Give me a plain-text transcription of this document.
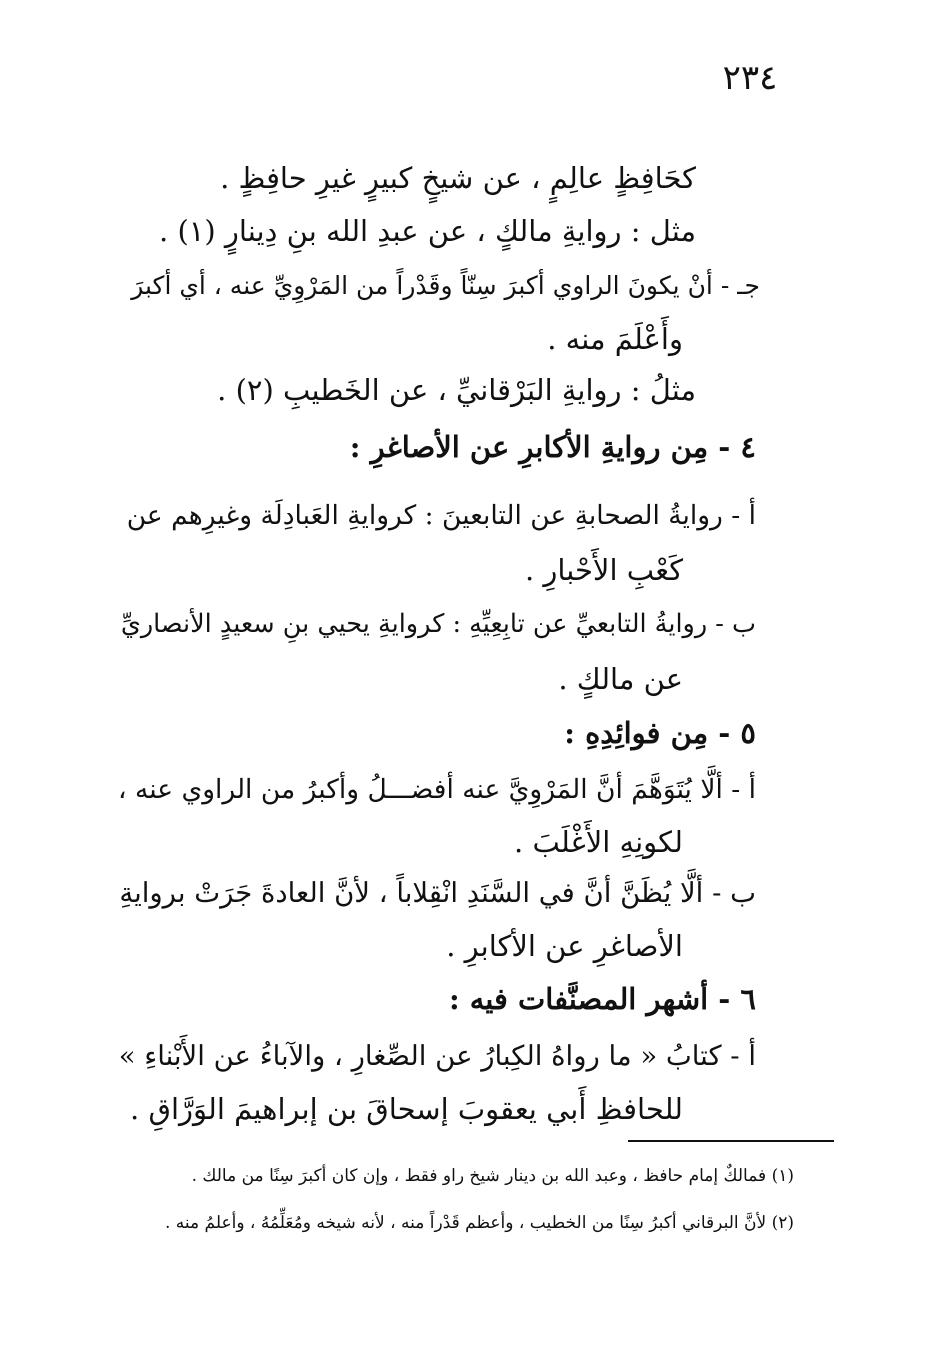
٢٣٤
كحَافِظٍ عالِمٍ ، عن شيخٍ كبيرٍ غيرِ حافِظٍ .
مثل : روايةِ مالكٍ ، عن عبدِ الله بنِ دِينارٍ (١) .
جـ - أنْ يكونَ الراوي أكبرَ سِنّاً وقَدْراً من المَرْوِيِّ عنه ، أي أكبرَ
وأَعْلَمَ منه .
مثلُ : روايةِ البَرْقانيِّ ، عن الخَطيبِ (٢) .
٤ - مِن روايةِ الأكابرِ عن الأصاغرِ :
أ - روايةُ الصحابةِ عن التابعينَ : كروايةِ العَبادِلَة وغيرِهم عن
كَعْبِ الأَحْبارِ .
ب - روايةُ التابعيِّ عن تابِعِيِّهِ : كروايةِ يحيي بنِ سعيدٍ الأنصاريِّ
عن مالكٍ .
٥ - مِن فوائِدِهِ :
أ - ألَّا يُتَوَهَّمَ أنَّ المَرْوِيَّ عنه أفضـــلُ وأكبرُ من الراوي عنه ،
لكونِهِ الأَغْلَبَ .
ب - ألَّا يُظَنَّ أنَّ في السَّنَدِ انْقِلاباً ، لأنَّ العادةَ جَرَتْ بروايةِ
الأصاغرِ عن الأكابرِ .
٦ - أشهر المصنَّفات فيه :
أ - كتابُ « ما رواهُ الكِبارُ عن الصِّغارِ ، والآباءُ عن الأَبْناءِ »
للحافظِ أَبي يعقوبَ إسحاقَ بن إبراهيمَ الوَرَّاقِ .
(١) فمالكٌ إمام حافظ ، وعبد الله بن دينار شيخ راو فقط ، وإن كان أكبرَ سِنًا من مالك .
(٢) لأنَّ البرقاني أكبرُ سِنًا من الخطيب ، وأعظم قَدْراً منه ، لأنه شيخه ومُعَلِّمُهُ ، وأعلمُ منه .
